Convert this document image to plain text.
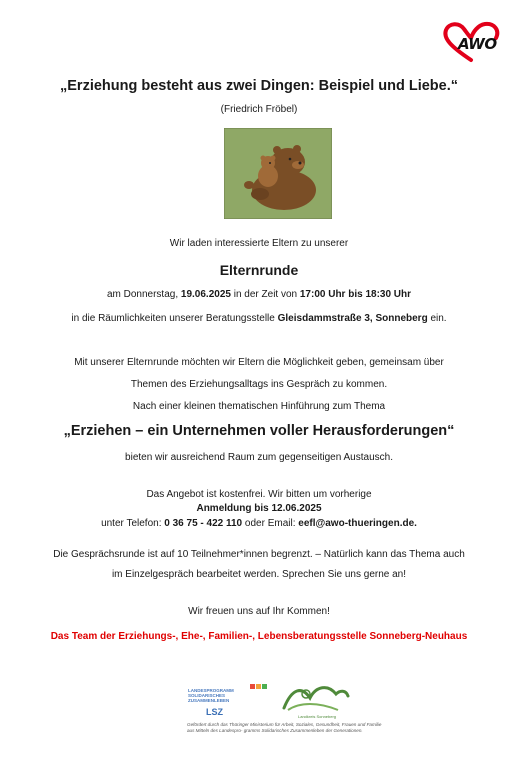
AWO
„Erziehung besteht aus zwei Dingen: Beispiel und Liebe.“
(Friedrich Fröbel)
Wir laden interessierte Eltern zu unserer
Elternrunde
am Donnerstag, 19.06.2025 in der Zeit von 17:00 Uhr bis 18:30 Uhr
in die Räumlichkeiten unserer Beratungsstelle Gleisdammstraße 3, Sonneberg ein.
Mit unserer Elternrunde möchten wir Eltern die Möglichkeit geben, gemeinsam über
Themen des Erziehungsalltags ins Gespräch zu kommen.
Nach einer kleinen thematischen Hinführung zum Thema
„Erziehen – ein Unternehmen voller Herausforderungen“
bieten wir ausreichend Raum zum gegenseitigen Austausch.
Das Angebot ist kostenfrei. Wir bitten um vorherige
Anmeldung bis 12.06.2025
unter Telefon: 0 36 75 - 422 110 oder Email: eefl@awo-thueringen.de.
Die Gesprächsrunde ist auf 10 Teilnehmer*innen begrenzt. – Natürlich kann das Thema auch
im Einzelgespräch bearbeitet werden. Sprechen Sie uns gerne an!
Wir freuen uns auf Ihr Kommen!
Das Team der Erziehungs-, Ehe-, Familien-, Lebensberatungsstelle Sonneberg-Neuhaus
LANDESPROGRAMM
SOLIDARISCHES
ZUSAMMENLEBEN
LSZ	Landkreis Sonneberg
Gefördert durch das Thüringer Ministerium für Arbeit, Soziales, Gesundheit, Frauen und Familie aus Mitteln des Landespro- gramms Solidarisches Zusammenleben der Generationen.
